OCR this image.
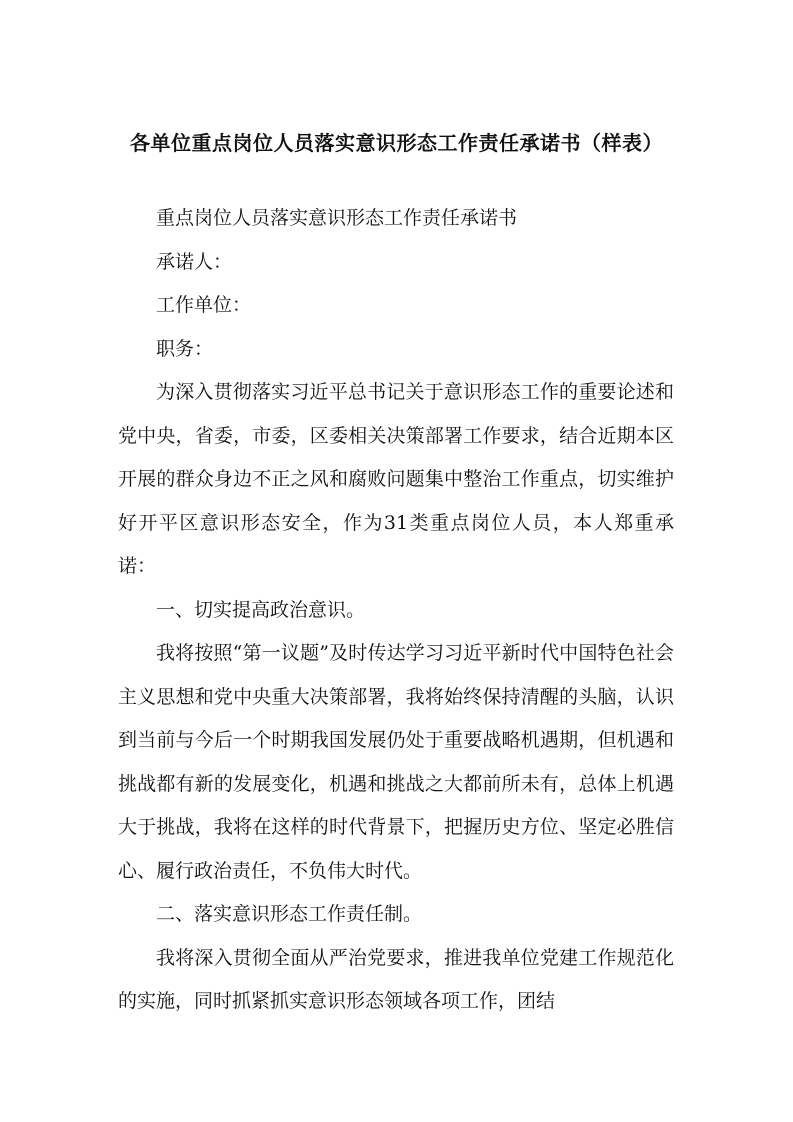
各单位重点岗位人员落实意识形态工作责任承诺书（样表）

重点岗位人员落实意识形态工作责任承诺书

承诺人：

工作单位：

职务：

为深入贯彻落实习近平总书记关于意识形态工作的重要论述和党中央，省委，市委，区委相关决策部署工作要求，结合近期本区开展的群众身边不正之风和腐败问题集中整治工作重点，切实维护好开平区意识形态安全，作为31类重点岗位人员，本人郑重承诺：

一、切实提高政治意识。

我将按照“第一议题”及时传达学习习近平新时代中国特色社会主义思想和党中央重大决策部署，我将始终保持清醒的头脑，认识到当前与今后一个时期我国发展仍处于重要战略机遇期，但机遇和挑战都有新的发展变化，机遇和挑战之大都前所未有，总体上机遇大于挑战，我将在这样的时代背景下，把握历史方位、坚定必胜信心、履行政治责任，不负伟大时代。

二、落实意识形态工作责任制。

我将深入贯彻全面从严治党要求，推进我单位党建工作规范化的实施，同时抓紧抓实意识形态领域各项工作，团结
